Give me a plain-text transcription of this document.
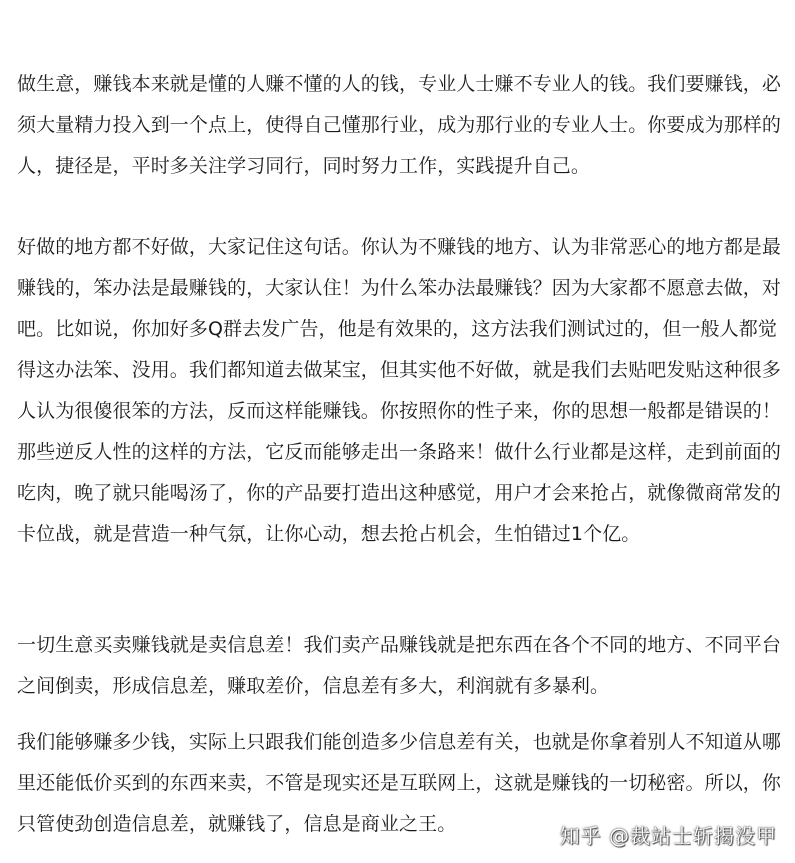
做生意，赚钱本来就是懂的人赚不懂的人的钱，专业人士赚不专业人的钱。我们要赚钱，必须大量精力投入到一个点上，使得自己懂那行业，成为那行业的专业人士。你要成为那样的人，捷径是，平时多关注学习同行，同时努力工作，实践提升自己。

好做的地方都不好做，大家记住这句话。你认为不赚钱的地方、认为非常恶心的地方都是最赚钱的，笨办法是最赚钱的，大家认住！为什么笨办法最赚钱？因为大家都不愿意去做，对吧。比如说，你加好多Q群去发广告，他是有效果的，这方法我们测试过的，但一般人都觉得这办法笨、没用。我们都知道去做某宝，但其实他不好做，就是我们去贴吧发贴这种很多人认为很傻很笨的方法，反而这样能赚钱。你按照你的性子来，你的思想一般都是错误的！那些逆反人性的这样的方法，它反而能够走出一条路来！做什么行业都是这样，走到前面的吃肉，晚了就只能喝汤了，你的产品要打造出这种感觉，用户才会来抢占，就像微商常发的卡位战，就是营造一种气氛，让你心动，想去抢占机会，生怕错过1个亿。

一切生意买卖赚钱就是卖信息差！我们卖产品赚钱就是把东西在各个不同的地方、不同平台之间倒卖，形成信息差，赚取差价，信息差有多大，利润就有多暴利。

我们能够赚多少钱，实际上只跟我们能创造多少信息差有关，也就是你拿着别人不知道从哪里还能低价买到的东西来卖，不管是现实还是互联网上，这就是赚钱的一切秘密。所以，你只管使劲创造信息差，就赚钱了，信息是商业之王。	知乎 @裁站士斩揭没甲
